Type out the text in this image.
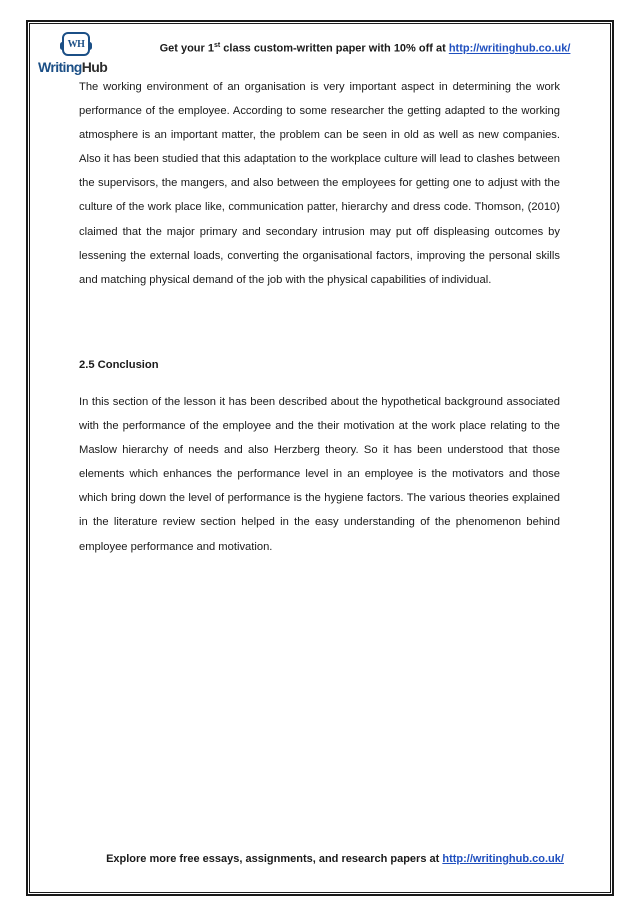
WH
WritingHub
Get your 1st class custom-written paper with 10% off at http://writinghub.co.uk/
The working environment of an organisation is very important aspect in determining the work performance of the employee. According to some researcher the getting adapted to the working atmosphere is an important matter, the problem can be seen in old as well as new companies. Also it has been studied that this adaptation to the workplace culture will lead to clashes between the supervisors, the mangers, and also between the employees for getting one to adjust with the culture of the work place like, communication patter, hierarchy and dress code. Thomson, (2010) claimed that the major primary and secondary intrusion may put off displeasing outcomes by lessening the external loads, converting the organisational factors, improving the personal skills and matching physical demand of the job with the physical capabilities of individual.
2.5 Conclusion
In this section of the lesson it has been described about the hypothetical background associated with the performance of the employee and the their motivation at the work place relating to the Maslow hierarchy of needs and also Herzberg theory. So it has been understood that those elements which enhances the performance level in an employee is the motivators and those which bring down the level of performance is the hygiene factors. The various theories explained in the literature review section helped in the easy understanding of the phenomenon behind employee performance and motivation.
Explore more free essays, assignments, and research papers at http://writinghub.co.uk/
